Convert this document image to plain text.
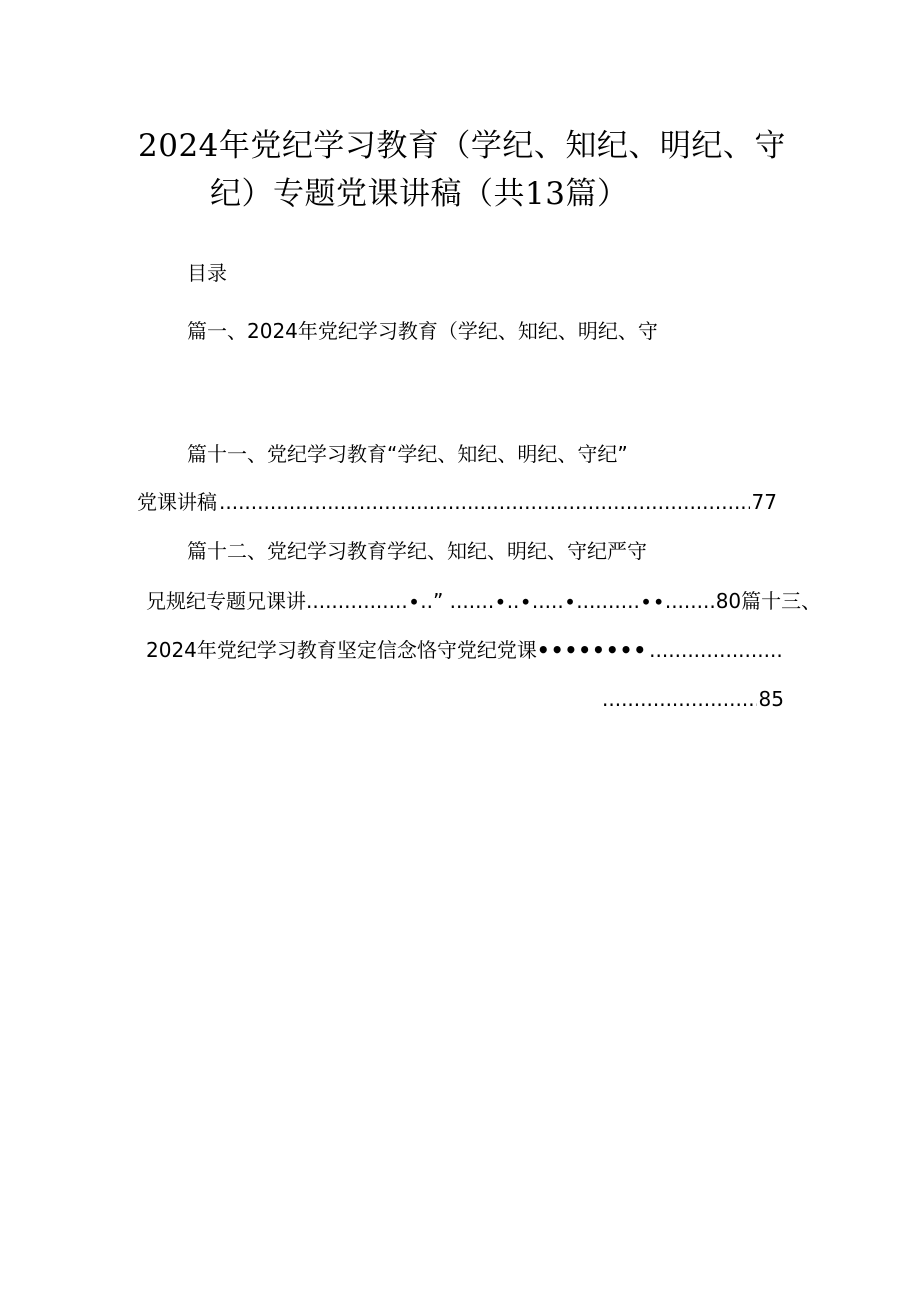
2024年党纪学习教育（学纪、知纪、明纪、守
纪）专题党课讲稿（共13篇）
目录
篇一、2024年党纪学习教育（学纪、知纪、明纪、守
篇十一、党纪学习教育“学纪、知纪、明纪、守纪”
党课讲稿
.....	77
篇十二、党纪学习教育学纪、知纪、明纪、守纪严守
兄规纪专题兄课讲................∙..” .......∙..∙.....∙..........∙∙........80篇十三、
2024年党纪学习教育坚定信念恪守党纪党课 ••••••••
.....
.....
85
